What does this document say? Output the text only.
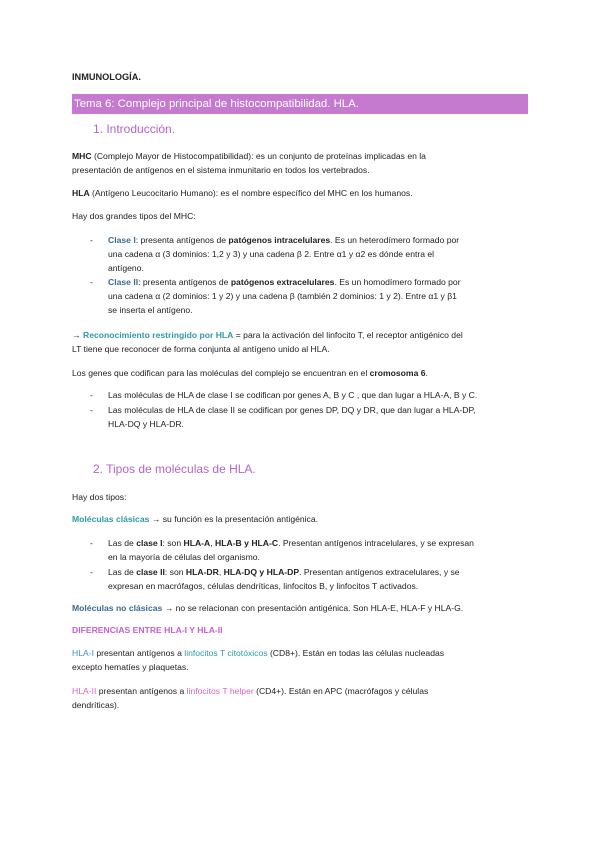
INMUNOLOGÍA.
Tema 6: Complejo principal de histocompatibilidad. HLA.
1. Introducción.
MHC (Complejo Mayor de Histocompatibilidad): es un conjunto de proteínas implicadas en la
presentación de antígenos en el sistema inmunitario en todos los vertebrados.
HLA (Antígeno Leucocitario Humano): es el nombre específico del MHC en los humanos.
Hay dos grandes tipos del MHC:
- Clase I: presenta antígenos de patógenos intracelulares. Es un heterodímero formado por
una cadena α (3 dominios: 1,2 y 3) y una cadena β 2. Entre α1 y α2 es dónde entra el
antígeno.
- Clase II: presenta antígenos de patógenos extracelulares. Es un homodímero formado por
una cadena α (2 dominios: 1 y 2) y una cadena β (también 2 dominios: 1 y 2). Entre α1 y β1
se inserta el antígeno.
→ Reconocimiento restringido por HLA = para la activación del linfocito T, el receptor antigénico del
LT tiene que reconocer de forma conjunta al antígeno unido al HLA.
Los genes que codifican para las moléculas del complejo se encuentran en el cromosoma 6.
- Las moléculas de HLA de clase I se codifican por genes A, B y C , que dan lugar a HLA-A, B y C.
- Las moléculas de HLA de clase II se codifican por genes DP, DQ y DR, que dan lugar a HLA-DP,
HLA-DQ y HLA-DR.
2. Tipos de moléculas de HLA.
Hay dos tipos:
Moléculas clásicas → su función es la presentación antigénica.
- Las de clase I: son HLA-A, HLA-B y HLA-C. Presentan antígenos intracelulares, y se expresan
en la mayoría de células del organismo.
- Las de clase II: son HLA-DR, HLA-DQ y HLA-DP. Presentan antígenos extracelulares, y se
expresan en macrófagos, células dendríticas, linfocitos B, y linfocitos T activados.
Moléculas no clásicas → no se relacionan con presentación antigénica. Son HLA-E, HLA-F y HLA-G.
DIFERENCIAS ENTRE HLA-I Y HLA-II
HLA-I presentan antígenos a linfocitos T citotóxicos (CD8+). Están en todas las células nucleadas
excepto hematíes y plaquetas.
HLA-II presentan antígenos a linfocitos T helper (CD4+). Están en APC (macrófagos y células
dendríticas).
